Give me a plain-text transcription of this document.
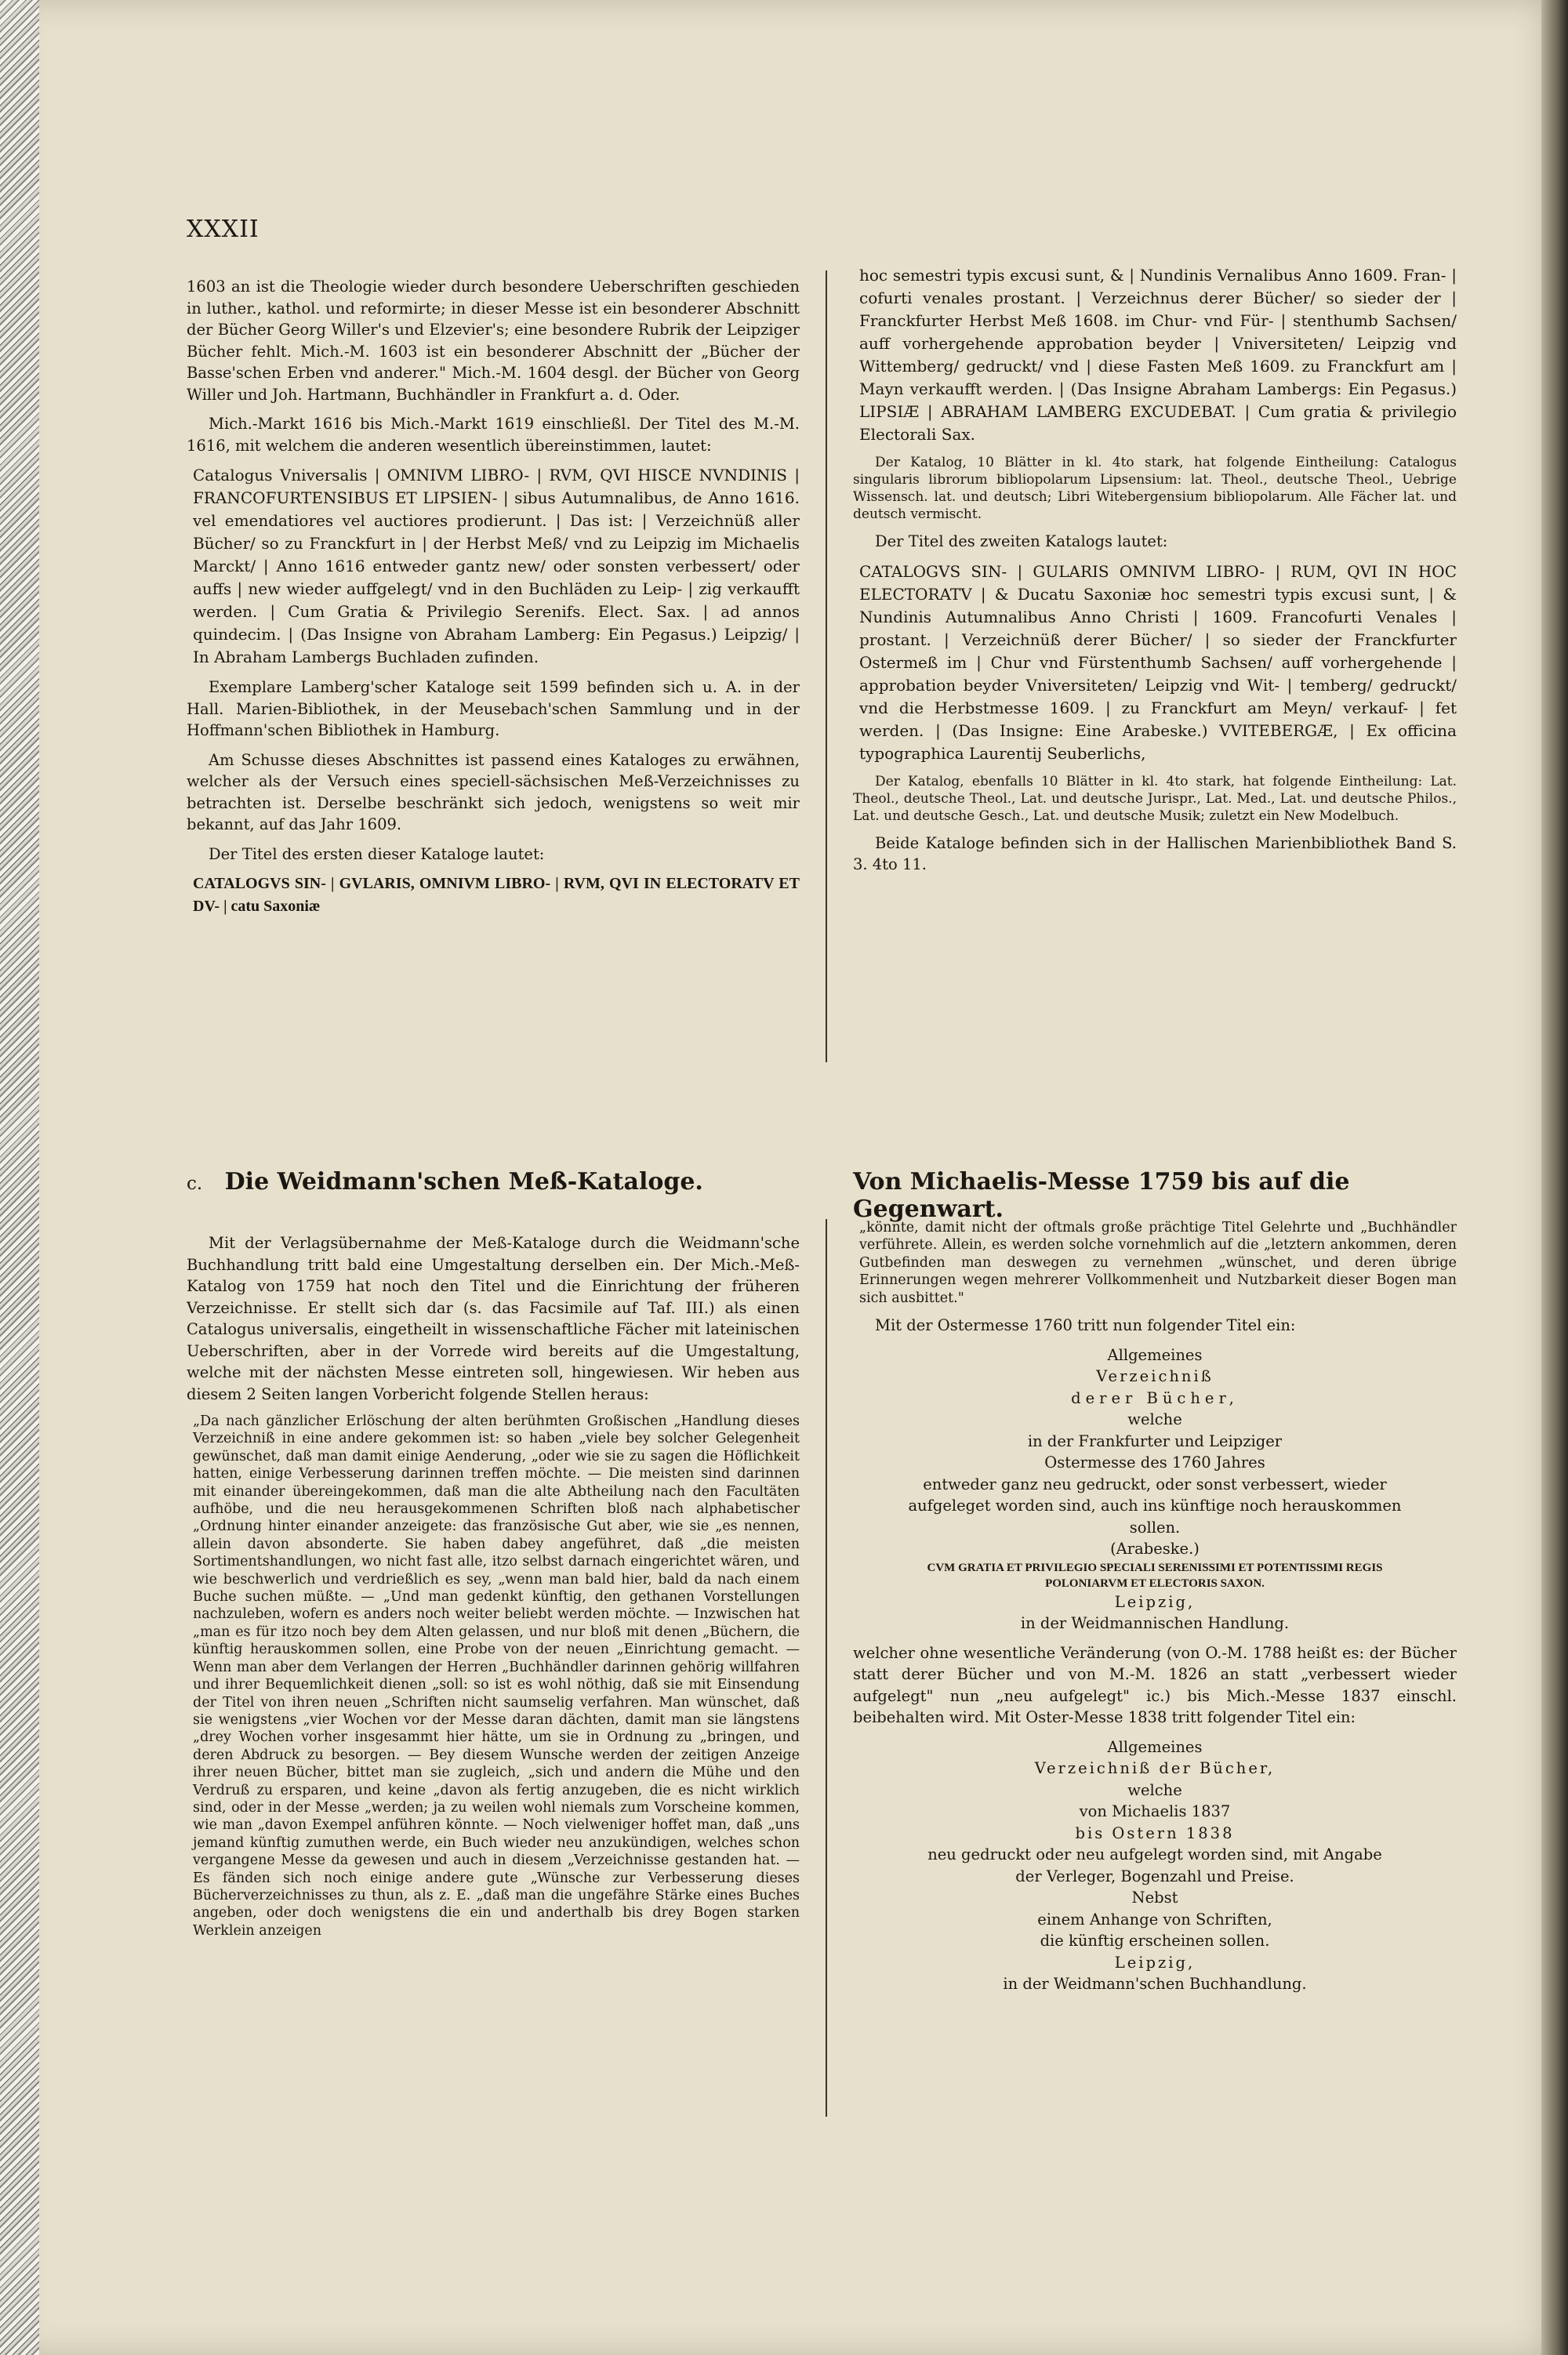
XXXII

1603 an ist die Theologie wieder durch besondere Ueberschriften geschieden in luther., kathol. und reformirte; in dieser Messe ist ein besonderer Abschnitt der Bücher Georg Willer's und Elzevier's; eine besondere Rubrik der Leipziger Bücher fehlt. Mich.-M. 1603 ist ein besonderer Abschnitt der „Bücher der Basse'schen Erben vnd anderer." Mich.-M. 1604 desgl. der Bücher von Georg Willer und Joh. Hartmann, Buchhändler in Frankfurt a. d. Oder.

Mich.-Markt 1616 bis Mich.-Markt 1619 einschließl. Der Titel des M.-M. 1616, mit welchem die anderen wesentlich übereinstimmen, lautet:

Catalogus Vniversalis | OMNIVM LIBRO- | RVM, QVI HISCE NVNDINIS | FRANCOFURTENSIBUS ET LIPSIEN- | sibus Autumnalibus, de Anno 1616. vel emendatiores vel auctiores prodierunt. | Das ist: | Verzeichnüß aller Bücher/ so zu Franckfurt in | der Herbst Meß/ vnd zu Leipzig im Michaelis Marckt/ | Anno 1616 entweder gantz new/ oder sonsten verbessert/ oder auffs | new wieder auffgelegt/ vnd in den Buchläden zu Leip- | zig verkaufft werden. | Cum Gratia & Privilegio Serenifs. Elect. Sax. | ad annos quindecim. | (Das Insigne von Abraham Lamberg: Ein Pegasus.) Leipzig/ | In Abraham Lambergs Buchladen zufinden.

Exemplare Lamberg'scher Kataloge seit 1599 befinden sich u. A. in der Hall. Marien-Bibliothek, in der Meusebach'schen Sammlung und in der Hoffmann'schen Bibliothek in Hamburg.

Am Schusse dieses Abschnittes ist passend eines Kataloges zu erwähnen, welcher als der Versuch eines speciell-sächsischen Meß-Verzeichnisses zu betrachten ist. Derselbe beschränkt sich jedoch, wenigstens so weit mir bekannt, auf das Jahr 1609.

Der Titel des ersten dieser Kataloge lautet:

CATALOGVS SIN- | GVLARIS, OMNIVM LIBRO- | RVM, QVI IN ELECTORATV ET DV- | catu Saxoniæ

hoc semestri typis excusi sunt, & | Nundinis Vernalibus Anno 1609. Fran- | cofurti venales prostant. | Verzeichnus derer Bücher/ so sieder der | Franckfurter Herbst Meß 1608. im Chur- vnd Für- | stenthumb Sachsen/ auff vorhergehende approbation beyder | Vniversiteten/ Leipzig vnd Wittemberg/ gedruckt/ vnd | diese Fasten Meß 1609. zu Franckfurt am | Mayn verkaufft werden. | (Das Insigne Abraham Lambergs: Ein Pegasus.) LIPSIÆ | ABRAHAM LAMBERG EXCUDEBAT. | Cum gratia & privilegio Electorali Sax.

Der Katalog, 10 Blätter in kl. 4to stark, hat folgende Eintheilung: Catalogus singularis librorum bibliopolarum Lipsensium: lat. Theol., deutsche Theol., Uebrige Wissensch. lat. und deutsch; Libri Witebergensium bibliopolarum. Alle Fächer lat. und deutsch vermischt.

Der Titel des zweiten Katalogs lautet:

CATALOGVS SIN- | GULARIS OMNIVM LIBRO- | RUM, QVI IN HOC ELECTORATV | & Ducatu Saxoniæ hoc semestri typis excusi sunt, | & Nundinis Autumnalibus Anno Christi | 1609. Francofurti Venales | prostant. | Verzeichnüß derer Bücher/ | so sieder der Franckfurter Ostermeß im | Chur vnd Fürstenthumb Sachsen/ auff vorhergehende | approbation beyder Vniversiteten/ Leipzig vnd Wit- | temberg/ gedruckt/ vnd die Herbstmesse 1609. | zu Franckfurt am Meyn/ verkauf- | fet werden. | (Das Insigne: Eine Arabeske.) VVITEBERGÆ, | Ex officina typographica Laurentij Seuberlichs,

Der Katalog, ebenfalls 10 Blätter in kl. 4to stark, hat folgende Eintheilung: Lat. Theol., deutsche Theol., Lat. und deutsche Jurispr., Lat. Med., Lat. und deutsche Philos., Lat. und deutsche Gesch., Lat. und deutsche Musik; zuletzt ein New Modelbuch.

Beide Kataloge befinden sich in der Hallischen Marienbibliothek Band S. 3. 4to 11.

c. Die Weidmann'schen Meß-Kataloge.	Von Michaelis-Messe 1759 bis auf die Gegenwart.

Mit der Verlagsübernahme der Meß-Kataloge durch die Weidmann'sche Buchhandlung tritt bald eine Umgestaltung derselben ein. Der Mich.-Meß-Katalog von 1759 hat noch den Titel und die Einrichtung der früheren Verzeichnisse. Er stellt sich dar (s. das Facsimile auf Taf. III.) als einen Catalogus universalis, eingetheilt in wissenschaftliche Fächer mit lateinischen Ueberschriften, aber in der Vorrede wird bereits auf die Umgestaltung, welche mit der nächsten Messe eintreten soll, hingewiesen. Wir heben aus diesem 2 Seiten langen Vorbericht folgende Stellen heraus:

„Da nach gänzlicher Erlöschung der alten berühmten Großischen „Handlung dieses Verzeichniß in eine andere gekommen ist: so haben „viele bey solcher Gelegenheit gewünschet, daß man damit einige Aenderung, „oder wie sie zu sagen die Höflichkeit hatten, einige Verbesserung darinnen treffen möchte. — Die meisten sind darinnen mit einander übereingekommen, daß man die alte Abtheilung nach den Facultäten aufhöbe, und die neu herausgekommenen Schriften bloß nach alphabetischer „Ordnung hinter einander anzeigete: das französische Gut aber, wie sie „es nennen, allein davon absonderte. Sie haben dabey angeführet, daß „die meisten Sortimentshandlungen, wo nicht fast alle, itzo selbst darnach eingerichtet wären, und wie beschwerlich und verdrießlich es sey, „wenn man bald hier, bald da nach einem Buche suchen müßte. — „Und man gedenkt künftig, den gethanen Vorstellungen nachzuleben, wofern es anders noch weiter beliebt werden möchte. — Inzwischen hat „man es für itzo noch bey dem Alten gelassen, und nur bloß mit denen „Büchern, die künftig herauskommen sollen, eine Probe von der neuen „Einrichtung gemacht. — Wenn man aber dem Verlangen der Herren „Buchhändler darinnen gehörig willfahren und ihrer Bequemlichkeit dienen „soll: so ist es wohl nöthig, daß sie mit Einsendung der Titel von ihren neuen „Schriften nicht saumselig verfahren. Man wünschet, daß sie wenigstens „vier Wochen vor der Messe daran dächten, damit man sie längstens „drey Wochen vorher insgesammt hier hätte, um sie in Ordnung zu „bringen, und deren Abdruck zu besorgen. — Bey diesem Wunsche werden der zeitigen Anzeige ihrer neuen Bücher, bittet man sie zugleich, „sich und andern die Mühe und den Verdruß zu ersparen, und keine „davon als fertig anzugeben, die es nicht wirklich sind, oder in der Messe „werden; ja zu weilen wohl niemals zum Vorscheine kommen, wie man „davon Exempel anführen könnte. — Noch vielweniger hoffet man, daß „uns jemand künftig zumuthen werde, ein Buch wieder neu anzukündigen, welches schon vergangene Messe da gewesen und auch in diesem „Verzeichnisse gestanden hat. — Es fänden sich noch einige andere gute „Wünsche zur Verbesserung dieses Bücherverzeichnisses zu thun, als z. E. „daß man die ungefähre Stärke eines Buches angeben, oder doch wenigstens die ein und anderthalb bis drey Bogen starken Werklein anzeigen

„könnte, damit nicht der oftmals große prächtige Titel Gelehrte und „Buchhändler verführete. Allein, es werden solche vornehmlich auf die „letztern ankommen, deren Gutbefinden man deswegen zu vernehmen „wünschet, und deren übrige Erinnerungen wegen mehrerer Vollkommenheit und Nutzbarkeit dieser Bogen man sich ausbittet."

Mit der Ostermesse 1760 tritt nun folgender Titel ein:

Allgemeines
Verzeichniß
derer Bücher,
welche
in der Frankfurter und Leipziger
Ostermesse des 1760 Jahres
entweder ganz neu gedruckt, oder sonst verbessert, wieder
aufgeleget worden sind, auch ins künftige noch herauskommen
sollen.
(Arabeske.)
CVM GRATIA ET PRIVILEGIO SPECIALI SERENISSIMI ET POTENTISSIMI REGIS POLONIARVM ET ELECTORIS SAXON.
Leipzig,
in der Weidmannischen Handlung.

welcher ohne wesentliche Veränderung (von O.-M. 1788 heißt es: der Bücher statt derer Bücher und von M.-M. 1826 an statt „verbessert wieder aufgelegt" nun „neu aufgelegt" ic.) bis Mich.-Messe 1837 einschl. beibehalten wird. Mit Oster-Messe 1838 tritt folgender Titel ein:

Allgemeines
Verzeichniß der Bücher,
welche
von Michaelis 1837
bis Ostern 1838
neu gedruckt oder neu aufgelegt worden sind, mit Angabe
der Verleger, Bogenzahl und Preise.
Nebst
einem Anhange von Schriften,
die künftig erscheinen sollen.
Leipzig,
in der Weidmann'schen Buchhandlung.
